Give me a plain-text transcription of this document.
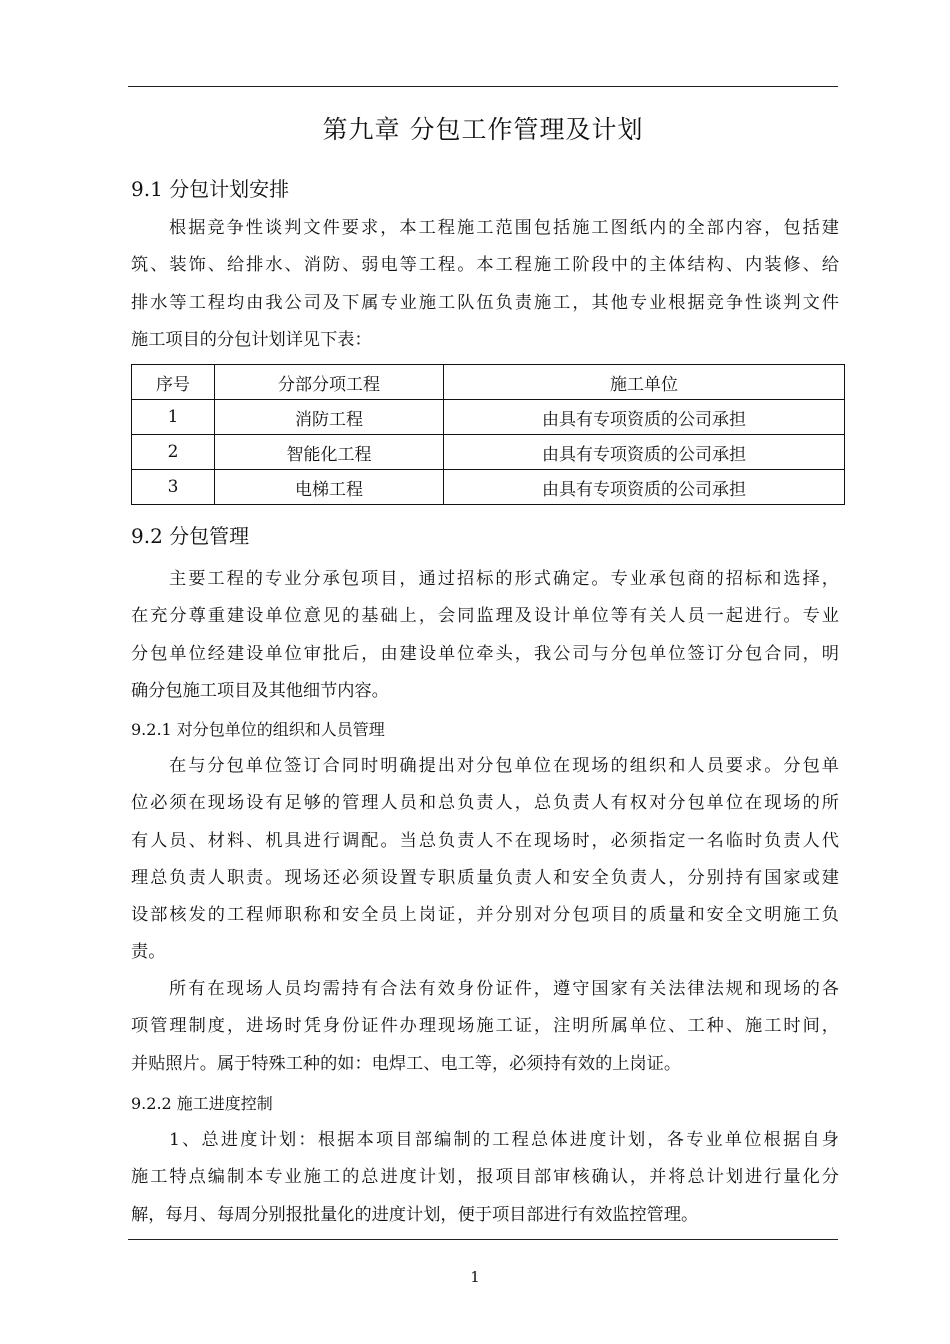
第九章 分包工作管理及计划
9.1 分包计划安排
根据竞争性谈判文件要求，本工程施工范围包括施工图纸内的全部内容，包括建
筑、装饰、给排水、消防、弱电等工程。本工程施工阶段中的主体结构、内装修、给
排水等工程均由我公司及下属专业施工队伍负责施工，其他专业根据竞争性谈判文件
施工项目的分包计划详见下表：
序号	分部分项工程	施工单位
1	消防工程	由具有专项资质的公司承担
2	智能化工程	由具有专项资质的公司承担
3	电梯工程	由具有专项资质的公司承担
9.2 分包管理
主要工程的专业分承包项目，通过招标的形式确定。专业承包商的招标和选择，
在充分尊重建设单位意见的基础上，会同监理及设计单位等有关人员一起进行。专业
分包单位经建设单位审批后，由建设单位牵头，我公司与分包单位签订分包合同，明
确分包施工项目及其他细节内容。
9.2.1 对分包单位的组织和人员管理
在与分包单位签订合同时明确提出对分包单位在现场的组织和人员要求。分包单
位必须在现场设有足够的管理人员和总负责人，总负责人有权对分包单位在现场的所
有人员、材料、机具进行调配。当总负责人不在现场时，必须指定一名临时负责人代
理总负责人职责。现场还必须设置专职质量负责人和安全负责人，分别持有国家或建
设部核发的工程师职称和安全员上岗证，并分别对分包项目的质量和安全文明施工负
责。
所有在现场人员均需持有合法有效身份证件，遵守国家有关法律法规和现场的各
项管理制度，进场时凭身份证件办理现场施工证，注明所属单位、工种、施工时间，
并贴照片。属于特殊工种的如：电焊工、电工等，必须持有效的上岗证。
9.2.2 施工进度控制
1、总进度计划：根据本项目部编制的工程总体进度计划，各专业单位根据自身
施工特点编制本专业施工的总进度计划，报项目部审核确认，并将总计划进行量化分
解，每月、每周分别报批量化的进度计划，便于项目部进行有效监控管理。
1
